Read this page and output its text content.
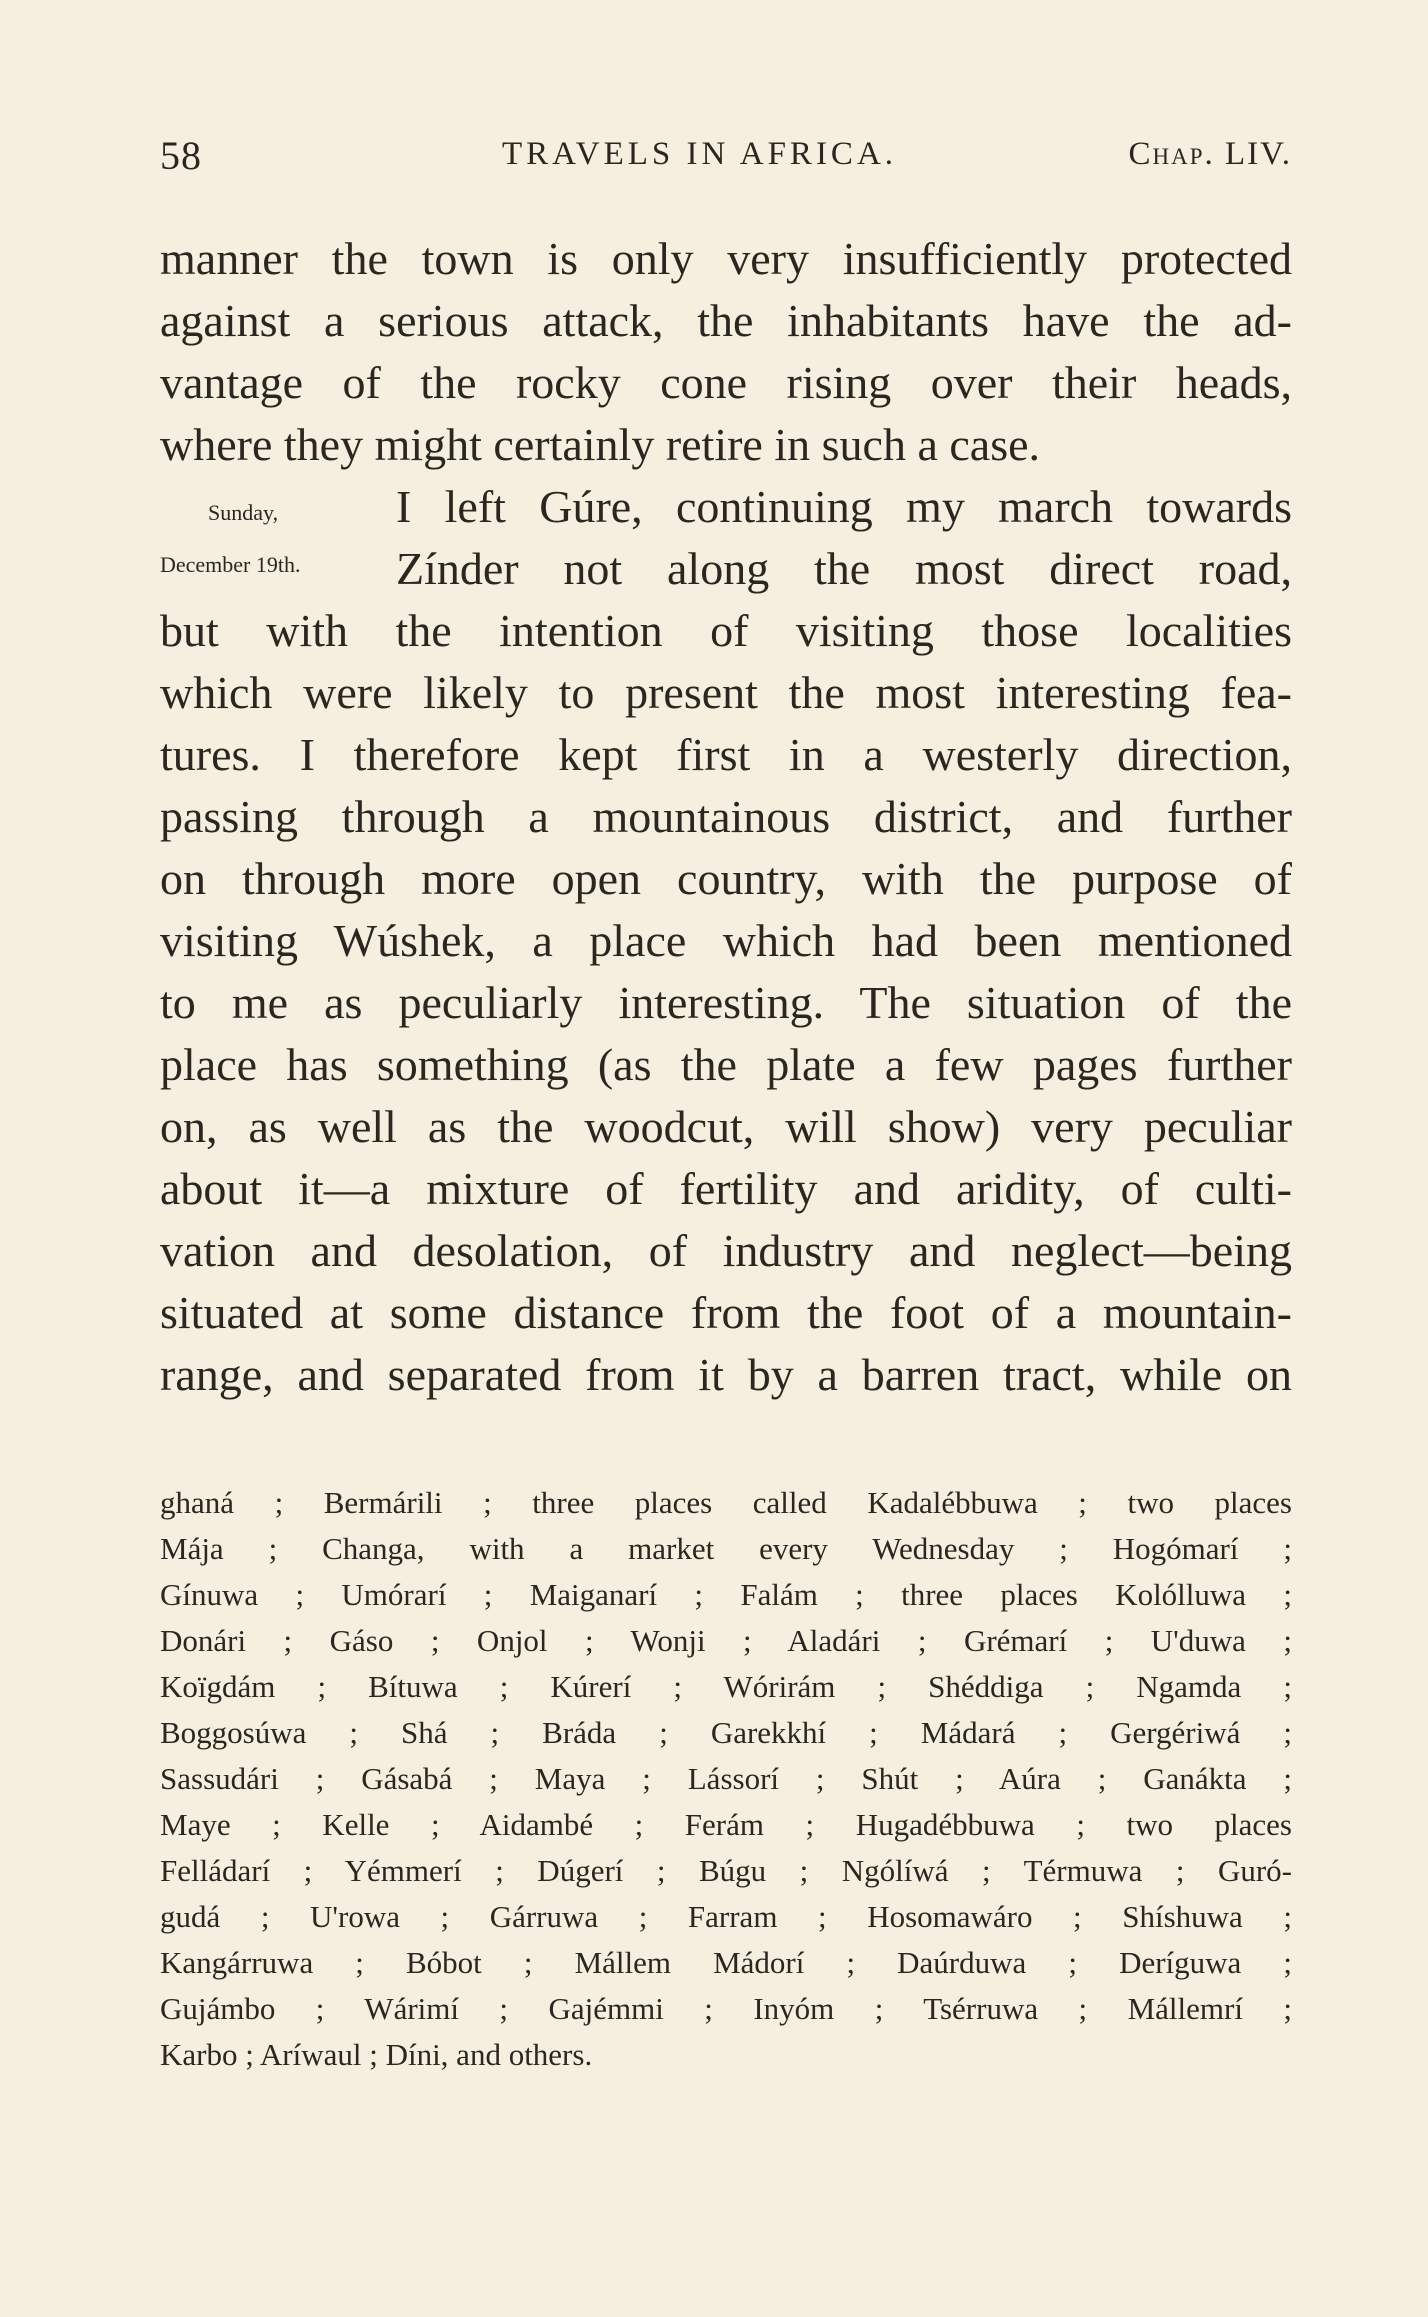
58	TRAVELS IN AFRICA.	Chap. LIV.
manner the town is only very insufficiently protected
against a serious attack, the inhabitants have the ad-
vantage of the rocky cone rising over their heads,
where they might certainly retire in such a case.
Sunday,	I left Gúre, continuing my march towards
December 19th. Zínder not along the most direct road,
but with the intention of visiting those localities
which were likely to present the most interesting fea-
tures. I therefore kept first in a westerly direction,
passing through a mountainous district, and further
on through more open country, with the purpose of
visiting Wúshek, a place which had been mentioned
to me as peculiarly interesting. The situation of the
place has something (as the plate a few pages further
on, as well as the woodcut, will show) very peculiar
about it—a mixture of fertility and aridity, of culti-
vation and desolation, of industry and neglect—being
situated at some distance from the foot of a mountain-
range, and separated from it by a barren tract, while on
ghaná ; Bermárili ; three places called Kadalébbuwa ; two places
Mája ; Changa, with a market every Wednesday ; Hogómarí ;
Gínuwa ; Umórarí ; Maiganarí ; Falám ; three places Kolólluwa ;
Donári ; Gáso ; Onjol ; Wonji ; Aladári ; Grémarí ; U'duwa ;
Koïgdám ; Bítuwa ; Kúrerí ; Wórirám ; Shéddiga ; Ngamda ;
Boggosúwa ; Shá ; Bráda ; Garekkhí ; Mádará ; Gergériwá ;
Sassudári ; Gásabá ; Maya ; Lássorí ; Shút ; Aúra ; Ganákta ;
Maye ; Kelle ; Aidambé ; Ferám ; Hugadébbuwa ; two places
Felládarí ; Yémmerí ; Dúgerí ; Búgu ; Ngólíwá ; Térmuwa ; Guró-
gudá ; U'rowa ; Gárruwa ; Farram ; Hosomawáro ; Shíshuwa ;
Kangárruwa ; Bóbot ; Mállem Mádorí ; Daúrduwa ; Deríguwa ;
Gujámbo ; Wárimí ; Gajémmi ; Inyóm ; Tsérruwa ; Mállemrí ;
Karbo ; Aríwaul ; Díni, and others.
